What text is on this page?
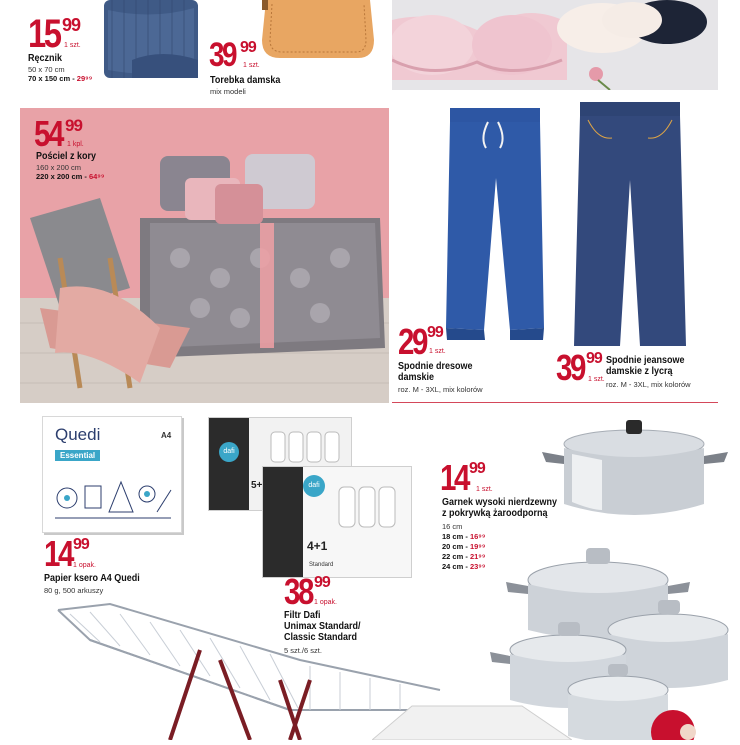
15 99
1 szt.
Ręcznik
50 x 70 cm
70 x 150 cm - 29⁹⁹
39 99
1 szt.
Torebka damska
mix modeli
54 99
1 kpl.
Pościel z kory
160 x 200 cm
220 x 200 cm - 64⁹⁹
29 99
1 szt.
Spodnie dresowe
damskie
roz. M - 3XL, mix kolorów
39 99
1 szt.
Spodnie jeansowe
damskie z lycrą
roz. M - 3XL, mix kolorów
Quedi	A4
Essential
14 99
1 opak.
Papier ksero A4 Quedi
80 g, 500 arkuszy
dafi
5+	dafi
4+1
Standard
38 99
1 opak.
Filtr Dafi
Unimax Standard/
Classic Standard
5 szt./6 szt.
14 99
1 szt.
Garnek wysoki nierdzewny
z pokrywką żaroodporną
16 cm
18 cm - 16⁹⁹
20 cm - 19⁹⁹
22 cm - 21⁹⁹
24 cm - 23⁹⁹
